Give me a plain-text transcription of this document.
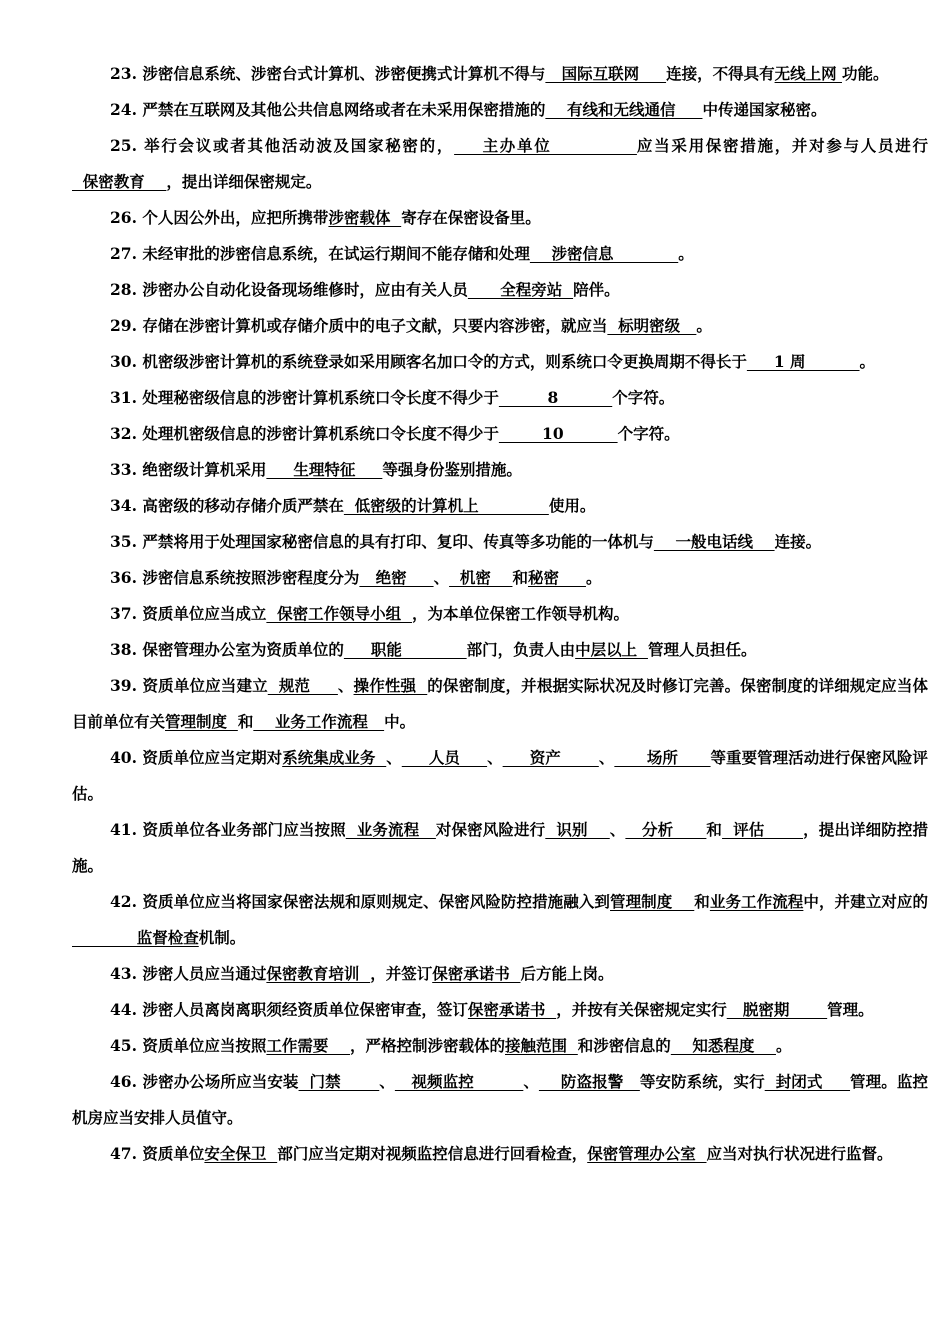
23. 涉密信息系统、涉密台式计算机、涉密便携式计算机不得与   国际互联网     连接，不得具有无线上网 功能。

24. 严禁在互联网及其他公共信息网络或者在未采用保密措施的    有线和无线通信     中传递国家秘密。

25. 举行会议或者其他活动波及国家秘密的，    主办单位            应当采用保密措施，并对参与人员进行  保密教育    ，提出详细保密规定。

26. 个人因公外出，应把所携带涉密载体  寄存在保密设备里。

27. 未经审批的涉密信息系统，在试运行期间不能存储和处理    涉密信息            。

28. 涉密办公自动化设备现场维修时，应由有关人员      全程旁站  陪伴。

29. 存储在涉密计算机或存储介质中的电子文献，只要内容涉密，就应当  标明密级   。

30. 机密级涉密计算机的系统登录如采用顾客名加口令的方式，则系统口令更换周期不得长于     1 周          。

31. 处理秘密级信息的涉密计算机系统口令长度不得少于         8          个字符。

32. 处理机密级信息的涉密计算机系统口令长度不得少于        10          个字符。

33. 绝密级计算机采用     生理特征     等强身份鉴别措施。

34. 高密级的移动存储介质严禁在  低密级的计算机上             使用。

35. 严禁将用于处理国家秘密信息的具有打印、复印、传真等多功能的一体机与    一般电话线    连接。

36. 涉密信息系统按照涉密程度分为   绝密     、  机密    和秘密     。

37. 资质单位应当成立  保密工作领导小组  ，为本单位保密工作领导机构。

38. 保密管理办公室为资质单位的     职能            部门，负责人由中层以上  管理人员担任。

39. 资质单位应当建立  规范     、操作性强  的保密制度，并根据实际状况及时修订完善。保密制度的详细规定应当体目前单位有关管理制度  和    业务工作流程   中。

40. 资质单位应当定期对系统集成业务  、     人员     、     资产       、      场所      等重要管理活动进行保密风险评估。

41. 资质单位各业务部门应当按照  业务流程   对保密风险进行  识别    、   分析      和  评估       ，提出详细防控措施。

42. 资质单位应当将国家保密法规和原则规定、保密风险防控措施融入到管理制度    和业务工作流程中，并建立对应的            监督检查机制。

43. 涉密人员应当通过保密教育培训  ，并签订保密承诺书  后方能上岗。

44. 涉密人员离岗离职须经资质单位保密审查，签订保密承诺书  ，并按有关保密规定实行   脱密期       管理。

45. 资质单位应当按照工作需要    ，严格控制涉密载体的接触范围  和涉密信息的    知悉程度    。

46. 涉密办公场所应当安装  门禁       、   视频监控         、    防盗报警   等安防系统，实行  封闭式     管理。监控机房应当安排人员值守。

47. 资质单位安全保卫  部门应当定期对视频监控信息进行回看检查，保密管理办公室  应当对执行状况进行监督。
